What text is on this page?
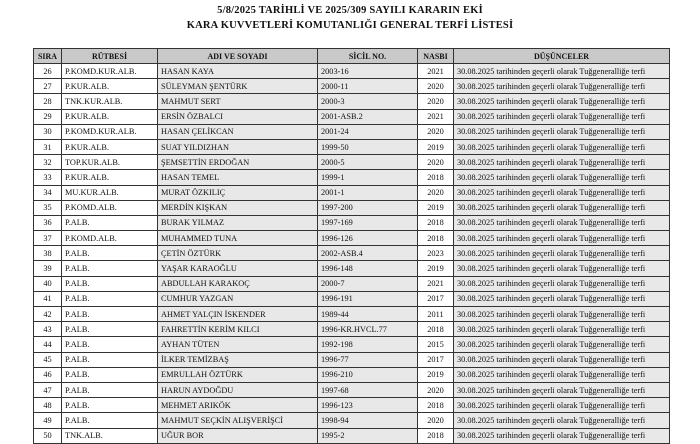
5/8/2025 TARİHLİ VE 2025/309 SAYILI KARARIN EKİ
KARA KUVVETLERİ KOMUTANLIĞI GENERAL TERFİ LİSTESİ
SIRA	RÜTBESİ	ADI VE SOYADI	SİCİL NO.	NASBI	DÜŞÜNCELER
26	P.KOMD.KUR.ALB.	HASAN KAYA	2003-16	2021	30.08.2025 tarihinden geçerli olarak Tuğgeneralliğe terfi
27	P.KUR.ALB.	SÜLEYMAN ŞENTÜRK	2000-11	2020	30.08.2025 tarihinden geçerli olarak Tuğgeneralliğe terfi
28	TNK.KUR.ALB.	MAHMUT SERT	2000-3	2020	30.08.2025 tarihinden geçerli olarak Tuğgeneralliğe terfi
29	P.KUR.ALB.	ERSİN ÖZBALCI	2001-ASB.2	2021	30.08.2025 tarihinden geçerli olarak Tuğgeneralliğe terfi
30	P.KOMD.KUR.ALB.	HASAN ÇELİKCAN	2001-24	2020	30.08.2025 tarihinden geçerli olarak Tuğgeneralliğe terfi
31	P.KUR.ALB.	SUAT YILDIZHAN	1999-50	2019	30.08.2025 tarihinden geçerli olarak Tuğgeneralliğe terfi
32	TOP.KUR.ALB.	ŞEMSETTİN ERDOĞAN	2000-5	2020	30.08.2025 tarihinden geçerli olarak Tuğgeneralliğe terfi
33	P.KUR.ALB.	HASAN TEMEL	1999-1	2018	30.08.2025 tarihinden geçerli olarak Tuğgeneralliğe terfi
34	MU.KUR.ALB.	MURAT ÖZKILIÇ	2001-1	2020	30.08.2025 tarihinden geçerli olarak Tuğgeneralliğe terfi
35	P.KOMD.ALB.	MERDİN KIŞKAN	1997-200	2019	30.08.2025 tarihinden geçerli olarak Tuğgeneralliğe terfi
36	P.ALB.	BURAK YILMAZ	1997-169	2018	30.08.2025 tarihinden geçerli olarak Tuğgeneralliğe terfi
37	P.KOMD.ALB.	MUHAMMED TUNA	1996-126	2018	30.08.2025 tarihinden geçerli olarak Tuğgeneralliğe terfi
38	P.ALB.	ÇETİN ÖZTÜRK	2002-ASB.4	2023	30.08.2025 tarihinden geçerli olarak Tuğgeneralliğe terfi
39	P.ALB.	YAŞAR KARAOĞLU	1996-148	2019	30.08.2025 tarihinden geçerli olarak Tuğgeneralliğe terfi
40	P.ALB.	ABDULLAH KARAKOÇ	2000-7	2021	30.08.2025 tarihinden geçerli olarak Tuğgeneralliğe terfi
41	P.ALB.	CUMHUR YAZGAN	1996-191	2017	30.08.2025 tarihinden geçerli olarak Tuğgeneralliğe terfi
42	P.ALB.	AHMET YALÇIN İSKENDER	1989-44	2011	30.08.2025 tarihinden geçerli olarak Tuğgeneralliğe terfi
43	P.ALB.	FAHRETTİN KERİM KILCI	1996-KR.HVCL.77	2018	30.08.2025 tarihinden geçerli olarak Tuğgeneralliğe terfi
44	P.ALB.	AYHAN TÜTEN	1992-198	2015	30.08.2025 tarihinden geçerli olarak Tuğgeneralliğe terfi
45	P.ALB.	İLKER TEMİZBAŞ	1996-77	2017	30.08.2025 tarihinden geçerli olarak Tuğgeneralliğe terfi
46	P.ALB.	EMRULLAH ÖZTÜRK	1996-210	2019	30.08.2025 tarihinden geçerli olarak Tuğgeneralliğe terfi
47	P.ALB.	HARUN AYDOĞDU	1997-68	2020	30.08.2025 tarihinden geçerli olarak Tuğgeneralliğe terfi
48	P.ALB.	MEHMET ARIKÖK	1996-123	2018	30.08.2025 tarihinden geçerli olarak Tuğgeneralliğe terfi
49	P.ALB.	MAHMUT SEÇKİN ALIŞVERİŞCİ	1998-94	2020	30.08.2025 tarihinden geçerli olarak Tuğgeneralliğe terfi
50	TNK.ALB.	UĞUR BOR	1995-2	2018	30.08.2025 tarihinden geçerli olarak Tuğgeneralliğe terfi
